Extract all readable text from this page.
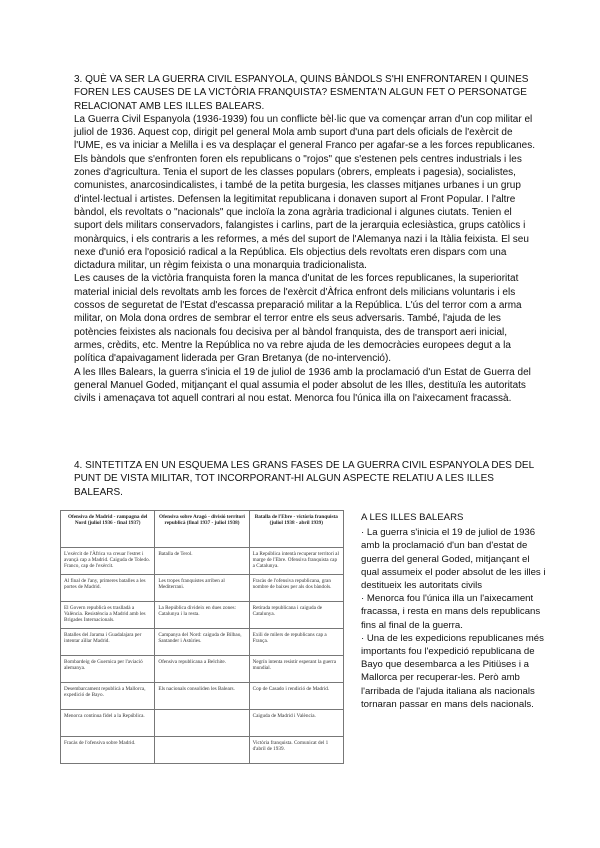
3. QUÈ VA SER LA GUERRA CIVIL ESPANYOLA, QUINS BÀNDOLS S'HI ENFRONTAREN I QUINES FOREN LES CAUSES DE LA VICTÒRIA FRANQUISTA? ESMENTA'N ALGUN FET O PERSONATGE RELACIONAT AMB LES ILLES BALEARS.

La Guerra Civil Espanyola (1936-1939) fou un conflicte bèl·lic que va començar arran d'un cop militar el juliol de 1936. Aquest cop, dirigit pel general Mola amb suport d'una part dels oficials de l'exèrcit de l'UME, es va iniciar a Melilla i es va desplaçar el general Franco per agafar-se a les forces republicanes.

Els bàndols que s'enfronten foren els republicans o "rojos" que s'estenen pels centres industrials i les zones d'agricultura. Tenia el suport de les classes populars (obrers, empleats i pagesia), socialistes, comunistes, anarcosindicalistes, i també de la petita burgesia, les classes mitjanes urbanes i un grup d'intel·lectual i artistes. Defensen la legitimitat republicana i donaven suport al Front Popular. I l'altre bàndol, els revoltats o "nacionals" que incloïa la zona agrària tradicional i algunes ciutats. Tenien el suport dels militars conservadors, falangistes i carlins, part de la jerarquia eclesiàstica, grups catòlics i monàrquics, i els contraris a les reformes, a més del suport de l'Alemanya nazi i la Itàlia feixista. El seu nexe d'unió era l'oposició radical a la República. Els objectius dels revoltats eren dispars com una dictadura militar, un règim feixista o una monarquia tradicionalista.

Les causes de la victòria franquista foren la manca d'unitat de les forces republicanes, la superioritat material inicial dels revoltats amb les forces de l'exèrcit d'Àfrica enfront dels milicians voluntaris i els cossos de seguretat de l'Estat d'escassa preparació militar a la República. L'ús del terror com a arma militar, on Mola dona ordres de sembrar el terror entre els seus adversaris. També, l'ajuda de les potències feixistes als nacionals fou decisiva per al bàndol franquista, des de transport aeri inicial, armes, crèdits, etc. Mentre la República no va rebre ajuda de les democràcies europees degut a la política d'apaivagament liderada per Gran Bretanya (de no-intervenció).

A les Illes Balears, la guerra s'inicia el 19 de juliol de 1936 amb la proclamació d'un Estat de Guerra del general Manuel Goded, mitjançant el qual assumia el poder absolut de les Illes, destituïa les autoritats civils i amenaçava tot aquell contrari al nou estat. Menorca fou l'única illa on l'aixecament fracassà.

4. SINTETITZA EN UN ESQUEMA LES GRANS FASES DE LA GUERRA CIVIL ESPANYOLA DES DEL PUNT DE VISTA MILITAR, TOT INCORPORANT-HI ALGUN ASPECTE RELATIU A LES ILLES BALEARS.

Ofensiva de Madrid - rampagna del Nord (juliol 1936 - final 1937)	Ofensiva sobre Aragó - divisió territori republicà (final 1937 - juliol 1938)	Batalla de l'Ebre - victòria franquista (juliol 1938 - abril 1939)
L'exèrcit de l'Àfrica va creuar l'estret i avançà cap a Madrid. Caiguda de Toledo. Franco, cap de l'exèrcit.	Batalla de Terol.	La República intentà recuperar territori al marge de l'Ebre. Ofensiva franquista cap a Catalunya.
Al final de l'any, primeres batalles a les portes de Madrid.	Les tropes franquistes arriben al Mediterrani.	Fracàs de l'ofensiva republicana, gran nombre de baixes per als dos bàndols.
El Govern republicà es traslladà a València. Resistència a Madrid amb les Brigades Internacionals.	La República divideix en dues zones: Catalunya i la resta.	Retirada republicana i caiguda de Catalunya.
Batalles del Jarama i Guadalajara per intentar aïllar Madrid.	Campanya del Nord: caiguda de Bilbao, Santander i Astúries.	Exili de milers de republicans cap a França.
Bombardeig de Guernica per l'aviació alemanya.	Ofensiva republicana a Belchite.	Negrín intenta resistir esperant la guerra mundial.
Desembarcament republicà a Mallorca, expedició de Bayo.	Els nacionals consoliden les Balears.	Cop de Casado i rendició de Madrid.
Menorca continua fidel a la República.		Caiguda de Madrid i València.
Fracàs de l'ofensiva sobre Madrid.		Victòria franquista. Comunicat del 1 d'abril de 1939.

A LES ILLES BALEARS

· La guerra s'inicia el 19 de juliol de 1936 amb la proclamació d'un ban d'estat de guerra del general Goded, mitjançant el qual assumeix el poder absolut de les illes i destitueix les autoritats civils

· Menorca fou l'única illa un l'aixecament fracassa, i resta en mans dels republicans fins al final de la guerra.

· Una de les expedicions republicanes més importants fou l'expedició republicana de Bayo que desembarca a les Pitiüses i a Mallorca per recuperar-les. Però amb l'arribada de l'ajuda italiana als nacionals tornaran passar en mans dels nacionals.
